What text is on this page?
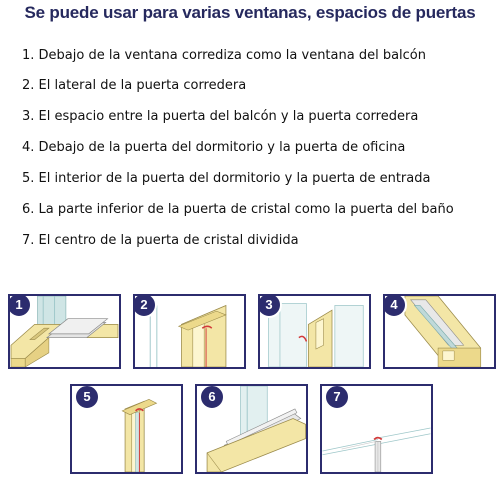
Se puede usar para varias ventanas, espacios de puertas
1. Debajo de la ventana corrediza como la ventana del balcón
2. El lateral de la puerta corredera
3. El espacio entre la puerta del balcón y la puerta corredera
4. Debajo de la puerta del dormitorio y la puerta de oficina
5. El interior de la puerta del dormitorio y la puerta de entrada
6. La parte inferior de la puerta de cristal como la puerta del baño
7. El centro de la puerta de cristal dividida
1	2	3	4
5	6	7
